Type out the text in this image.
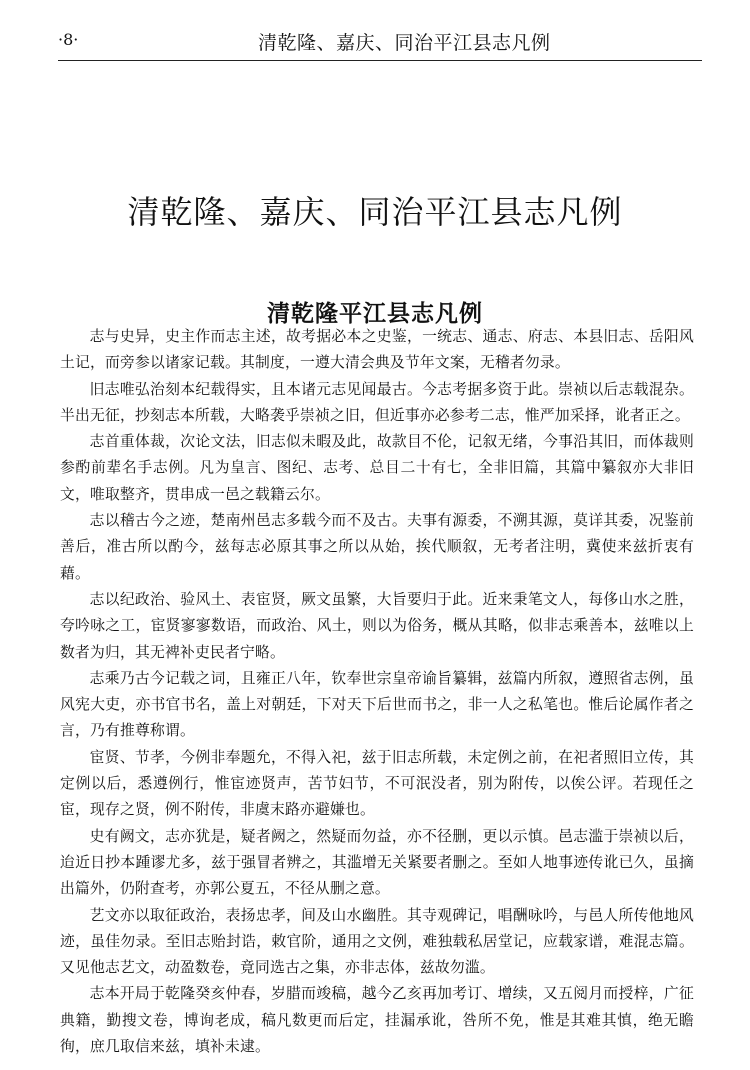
·8·	清乾隆、嘉庆、同治平江县志凡例
清乾隆、嘉庆、同治平江县志凡例
清乾隆平江县志凡例

志与史异，史主作而志主述，故考据必本之史鉴，一统志、通志、府志、本县旧志、岳阳风土记，而旁参以诸家记载。其制度，一遵大清会典及节年文案，无稽者勿录。

旧志唯弘治刻本纪载得实，且本诸元志见闻最古。今志考据多资于此。崇祯以后志载混杂。半出无征，抄刻志本所载，大略袭乎崇祯之旧，但近事亦必参考二志，惟严加采择，讹者正之。

志首重体裁，次论文法，旧志似未暇及此，故款目不伦，记叙无绪，今事沿其旧，而体裁则参酌前辈名手志例。凡为皇言、图纪、志考、总目二十有七，全非旧篇，其篇中纂叙亦大非旧文，唯取整齐，贯串成一邑之载籍云尔。

志以稽古今之迹，楚南州邑志多载今而不及古。夫事有源委，不溯其源，莫详其委，况鉴前善后，准古所以酌今，兹每志必原其事之所以从始，挨代顺叙，无考者注明，冀使来兹折衷有藉。

志以纪政治、验风土、表宦贤，厥文虽繁，大旨要归于此。近来秉笔文人，每侈山水之胜，夸吟咏之工，宦贤寥寥数语，而政治、风土，则以为俗务，概从其略，似非志乘善本，兹唯以上数者为归，其无裨补吏民者宁略。

志乘乃古今记载之词，且雍正八年，钦奉世宗皇帝谕旨纂辑，兹篇内所叙，遵照省志例，虽风宪大吏，亦书官书名，盖上对朝廷，下对天下后世而书之，非一人之私笔也。惟后论属作者之言，乃有推尊称谓。

宦贤、节孝，今例非奉题允，不得入祀，兹于旧志所载，未定例之前，在祀者照旧立传，其定例以后，悉遵例行，惟宦迹贤声，苦节妇节，不可泯没者，别为附传，以俟公评。若现任之宦，现存之贤，例不附传，非虞末路亦避嫌也。

史有阙文，志亦犹是，疑者阙之，然疑而勿益，亦不径删，更以示慎。邑志滥于崇祯以后，迨近日抄本踵谬尤多，兹于强冒者辨之，其滥增无关紧要者删之。至如人地事迹传讹已久，虽摘出篇外，仍附查考，亦郭公夏五，不径从删之意。

艺文亦以取征政治，表扬忠孝，间及山水幽胜。其寺观碑记，唱酬咏吟，与邑人所传他地风迹，虽佳勿录。至旧志贻封诰，敕官阶，通用之文例，难独载私居堂记，应载家谱，难混志篇。又见他志艺文，动盈数卷，竟同选古之集，亦非志体，兹故勿滥。

志本开局于乾隆癸亥仲春，岁腊而竣稿，越今乙亥再加考订、增续，又五阅月而授梓，广征典籍，勤搜文卷，博询老成，稿凡数更而后定，挂漏承讹，咎所不免，惟是其难其慎，绝无瞻徇，庶几取信来兹，填补未逮。
